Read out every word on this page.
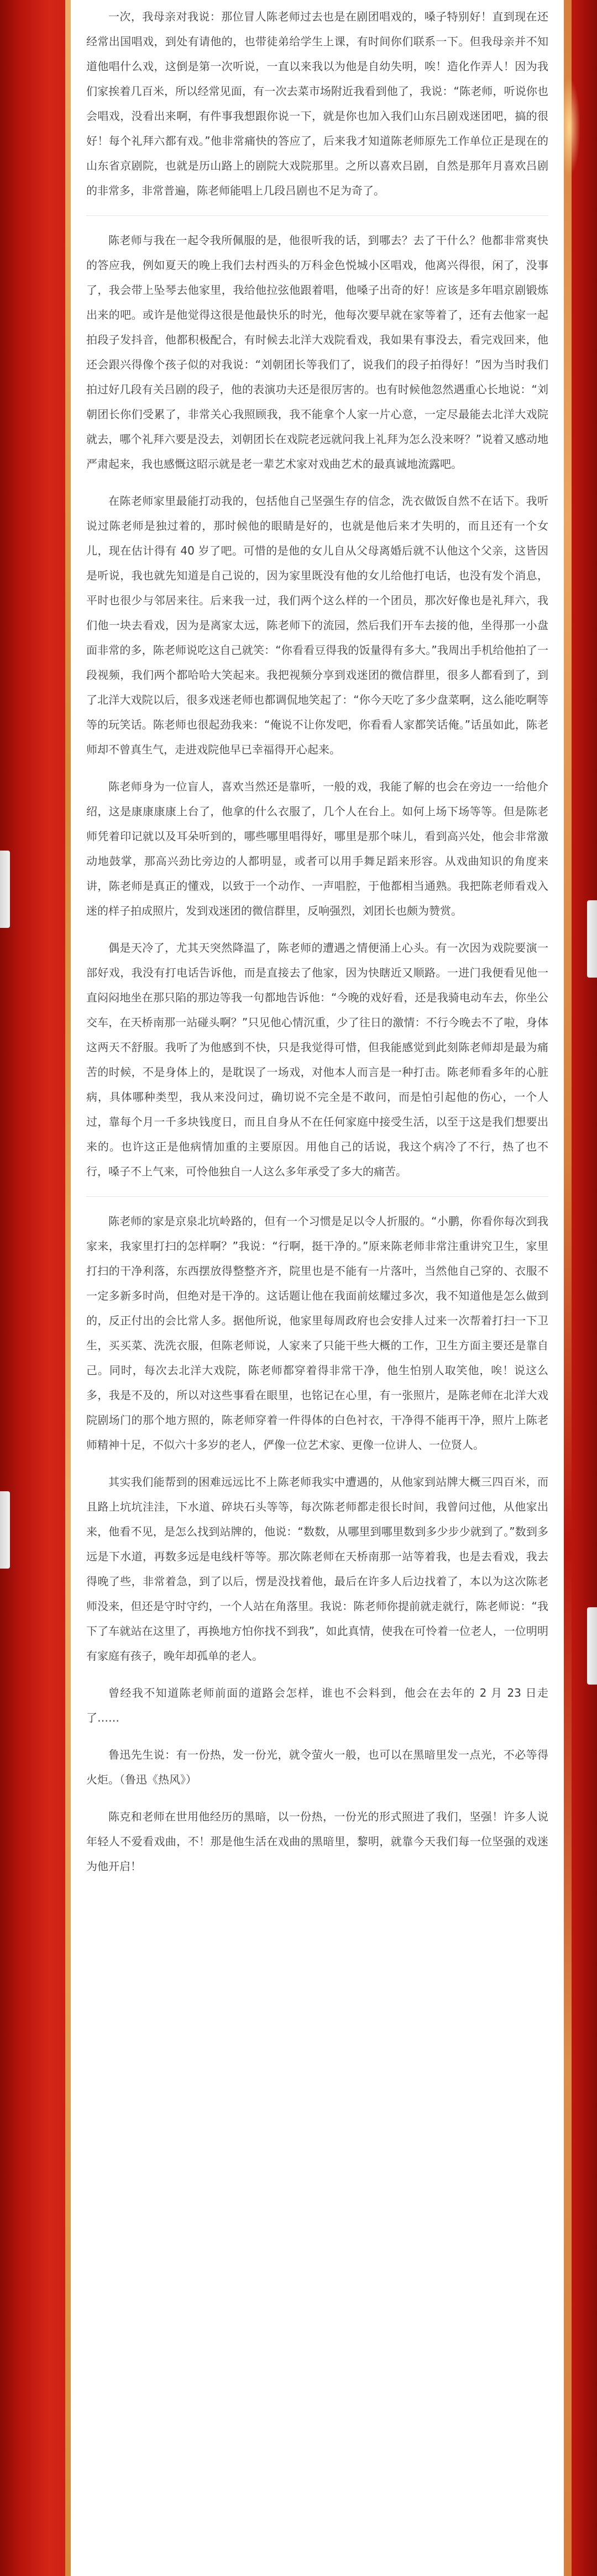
一次，我母亲对我说：那位冒人陈老师过去也是在剧团唱戏的，嗓子特别好！直到现在还经常出国唱戏，到处有请他的，也带徒弟给学生上课，有时间你们联系一下。但我母亲并不知道他唱什么戏，这倒是第一次听说，一直以来我以为他是自幼失明，唉！造化作弄人！因为我们家挨着几百米，所以经常见面，有一次去菜市场附近我看到他了，我说：“陈老师，听说你也会唱戏，没看出来啊，有件事我想跟你说一下，就是你也加入我们山东吕剧戏迷团吧，搞的很好！每个礼拜六都有戏。”他非常痛快的答应了，后来我才知道陈老师原先工作单位正是现在的山东省京剧院，也就是历山路上的剧院大戏院那里。之所以喜欢吕剧，自然是那年月喜欢吕剧的非常多，非常普遍，陈老师能唱上几段吕剧也不足为奇了。

陈老师与我在一起令我所佩服的是，他很听我的话，到哪去？去了干什么？他都非常爽快的答应我，例如夏天的晚上我们去村西头的万科金色悦城小区唱戏，他离兴得很，闲了，没事了，我会带上坠琴去他家里，我给他拉弦他跟着唱，他嗓子出奇的好！应该是多年唱京剧锻炼出来的吧。或许是他觉得这很是他最快乐的时光，他每次要早就在家等着了，还有去他家一起拍段子发抖音，他都积极配合，有时候去北洋大戏院看戏，我如果有事没去，看完戏回来，他还会跟兴得像个孩子似的对我说：“刘朝团长等我们了，说我们的段子拍得好！”因为当时我们拍过好几段有关吕剧的段子，他的表演功夫还是很厉害的。也有时候他忽然遇重心长地说：“刘朝团长你们受累了，非常关心我照顾我，我不能拿个人家一片心意，一定尽最能去北洋大戏院就去，哪个礼拜六要是没去，刘朝团长在戏院老远就问我上礼拜为怎么没来呀？”说着又感动地严肃起来，我也感慨这昭示就是老一辈艺术家对戏曲艺术的最真诚地流露吧。

在陈老师家里最能打动我的，包括他自己坚强生存的信念，洗衣做饭自然不在话下。我听说过陈老师是独过着的，那时候他的眼睛是好的，也就是他后来才失明的，而且还有一个女儿，现在估计得有 40 岁了吧。可惜的是他的女儿自从父母离婚后就不认他这个父亲，这皆因是听说，我也就先知道是自己说的，因为家里既没有他的女儿给他打电话，也没有发个消息，平时也很少与邻居来往。后来我一过，我们两个这么样的一个团员，那次好像也是礼拜六，我们他一块去看戏，因为是离家太远，陈老师下的流园，然后我们开车去接的他，坐得那一小盘面非常的多，陈老师说吃这自己就笑：“你看看豆得我的饭量得有多大。”我周出手机给他拍了一段视频，我们两个都哈哈大笑起来。我把视频分享到戏迷团的微信群里，很多人都看到了，到了北洋大戏院以后，很多戏迷老师也都调侃地笑起了：“你今天吃了多少盘菜啊，这么能吃啊等等的玩笑话。陈老师也很起劲我来：“俺说不让你发吧，你看看人家都笑话俺。”话虽如此，陈老师却不曾真生气，走进戏院他早已幸福得开心起来。

陈老师身为一位盲人，喜欢当然还是靠听，一般的戏，我能了解的也会在旁边一一给他介绍，这是康康康康上台了，他拿的什么衣服了，几个人在台上。如何上场下场等等。但是陈老师凭着印记就以及耳朵听到的，哪些哪里唱得好，哪里是那个味儿，看到高兴处，他会非常激动地鼓掌，那高兴劲比旁边的人都明显，或者可以用手舞足蹈来形容。从戏曲知识的角度来讲，陈老师是真正的懂戏，以致于一个动作、一声唱腔，于他都相当通熟。我把陈老师看戏入迷的样子拍成照片，发到戏迷团的微信群里，反响强烈，刘团长也颇为赞赏。

偶是天冷了，尤其天突然降温了，陈老师的遭遇之情便涌上心头。有一次因为戏院要演一部好戏，我没有打电话告诉他，而是直接去了他家，因为快瞎近又顺路。一进门我便看见他一直闷闷地坐在那只陷的那边等我一句都地告诉他：“今晚的戏好看，还是我骑电动车去，你坐公交车，在天桥南那一站碰头啊？”只见他心情沉重，少了往日的激情：不行今晚去不了啦，身体这两天不舒服。我听了为他感到不快，只是我觉得可惜，但我能感觉到此刻陈老师却是最为痛苦的时候，不是身体上的，是耽误了一场戏，对他本人而言是一种打击。陈老师看多年的心脏病，具体哪种类型，我从来没问过，确切说不完全是不敢问，而是怕引起他的伤心，一个人过，靠每个月一千多块钱度日，而且自身从不在任何家庭中接受生活，以至于这是我们想要出来的。也许这正是他病情加重的主要原因。用他自己的话说，我这个病冷了不行，热了也不行，嗓子不上气来，可怜他独自一人这么多年承受了多大的痛苦。

陈老师的家是京泉北坑岭路的，但有一个习惯是足以令人折服的。“小鹏，你看你每次到我家来，我家里打扫的怎样啊？”我说：“行啊，挺干净的。”原来陈老师非常注重讲究卫生，家里打扫的干净利落，东西摆放得整整齐齐，院里也是不能有一片落叶，当然他自己穿的、衣服不一定多新多时尚，但绝对是干净的。这话题让他在我面前炫耀过多次，我不知道他是怎么做到的，反正付出的会比常人多。据他所说，他家里每周政府也会安排人过来一次帮着打扫一下卫生，买买菜、洗洗衣服，但陈老师说，人家来了只能干些大概的工作，卫生方面主要还是靠自己。同时，每次去北洋大戏院，陈老师都穿着得非常干净，他生怕别人取笑他，唉！说这么多，我是不及的，所以对这些事看在眼里，也铭记在心里，有一张照片，是陈老师在北洋大戏院剧场门的那个地方照的，陈老师穿着一件得体的白色衬衣，干净得不能再干净，照片上陈老师精神十足，不似六十多岁的老人，俨像一位艺术家、更像一位讲人、一位贤人。

其实我们能帮到的困难远远比不上陈老师我实中遭遇的，从他家到站牌大概三四百米，而且路上坑坑洼洼，下水道、碎块石头等等，每次陈老师都走很长时间，我曾问过他，从他家出来，他看不见，是怎么找到站牌的，他说：“数数，从哪里到哪里数到多少步少就到了。”数到多远是下水道，再数多远是电线杆等等。那次陈老师在天桥南那一站等着我，也是去看戏，我去得晚了些，非常着急，到了以后，愣是没找着他，最后在许多人后边找着了，本以为这次陈老师没来，但还是守时守约，一个人站在角落里。我说：陈老师你提前就走就行，陈老师说：“我下了车就站在这里了，再换地方怕你找不到我”，如此真情，使我在可怜着一位老人，一位明明有家庭有孩子，晚年却孤单的老人。

曾经我不知道陈老师前面的道路会怎样，谁也不会料到，他会在去年的 2 月 23 日走了……

鲁迅先生说：有一份热，发一份光，就令萤火一般，也可以在黑暗里发一点光，不必等得火炬。（鲁迅《热风》）

陈克和老师在世用他经历的黑暗，以一份热，一份光的形式照进了我们，坚强！许多人说年轻人不爱看戏曲，不！那是他生活在戏曲的黑暗里，黎明，就靠今天我们每一位坚强的戏迷为他开启！
